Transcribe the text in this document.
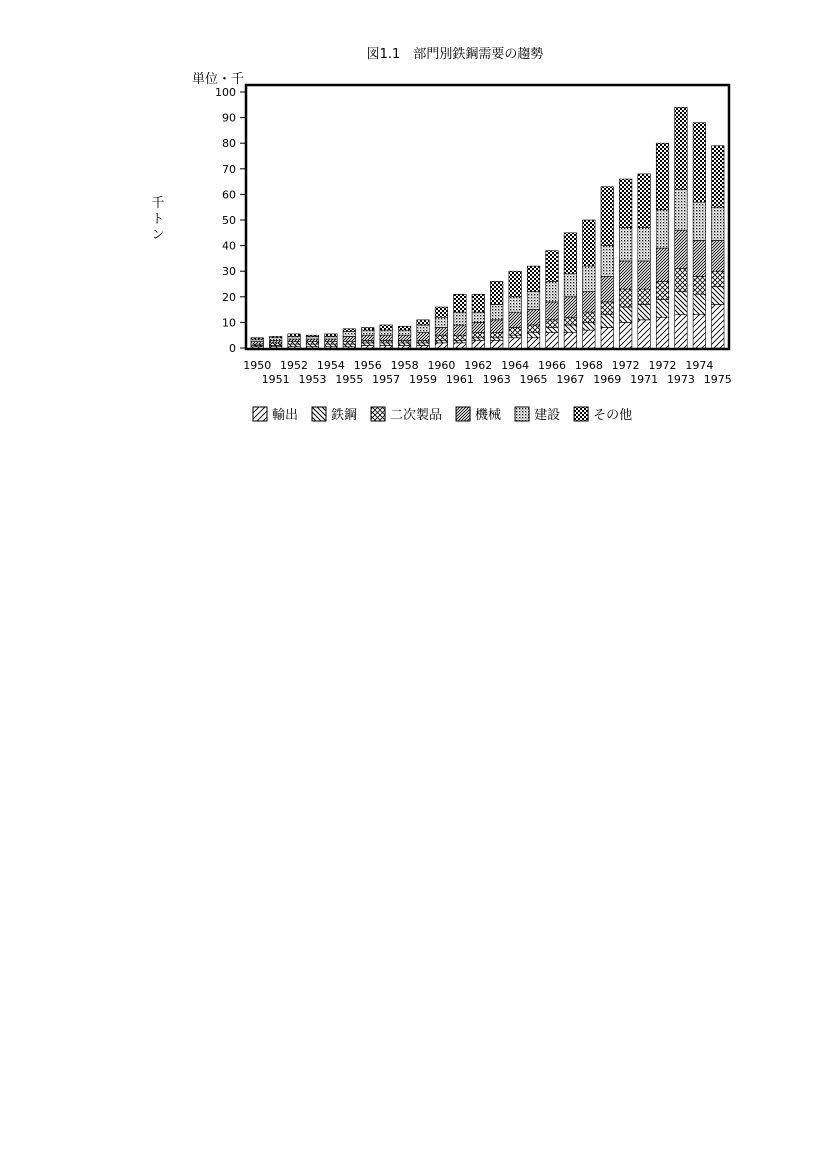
図1.1　部門別鉄鋼需要の趨勢
単位・千
千
ト
ン
0
10
20
30
40
50
60
70
80
90
100
1950
1951
1952
1953
1954
1955
1956
1957
1958
1959
1960
1961
1962
1963
1964
1965
1966
1967
1968
1969
1972
1971
1972
1973
1974
1975
輸出	鉄鋼	二次製品	機械	建設	その他
